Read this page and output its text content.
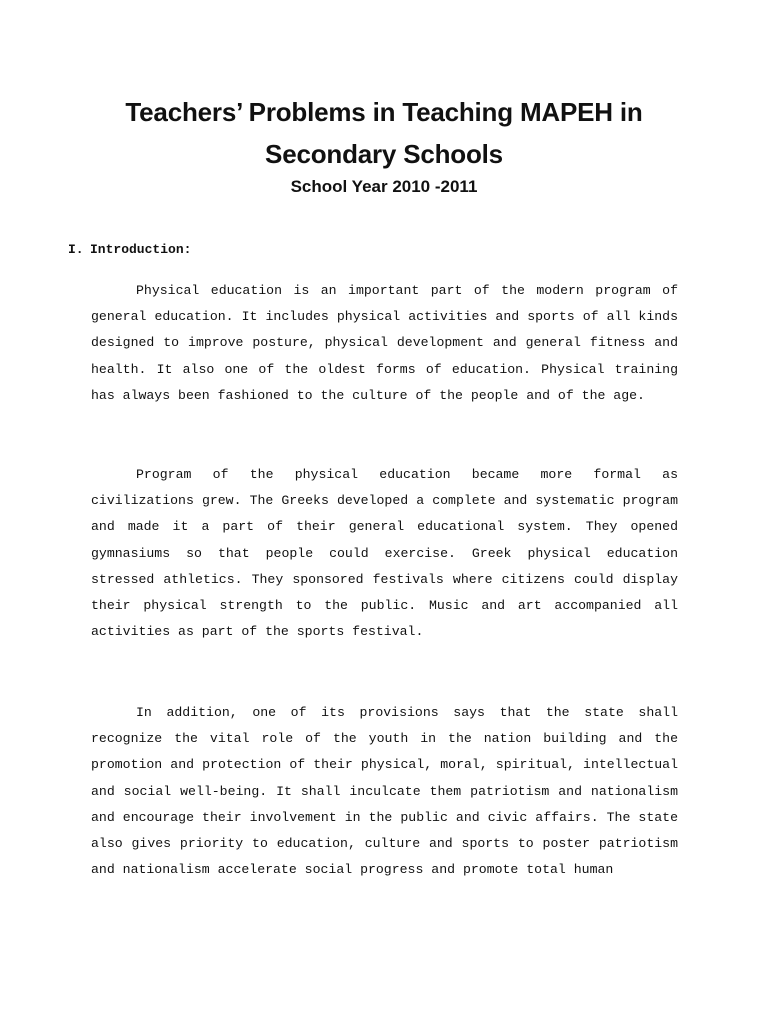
Teachers’ Problems in Teaching MAPEH in
Secondary Schools
School Year 2010 -2011
I. Introduction:

Physical education is an important part of the modern program of general education. It includes physical activities and sports of all kinds designed to improve posture, physical development and general fitness and health. It also one of the oldest forms of education. Physical training has always been fashioned to the culture of the people and of the age.

Program of the physical education became more formal as civilizations grew. The Greeks developed a complete and systematic program and made it a part of their general educational system. They opened gymnasiums so that people could exercise. Greek physical education stressed athletics. They sponsored festivals where citizens could display their physical strength to the public. Music and art accompanied all activities as part of the sports festival.

In addition, one of its provisions says that the state shall recognize the vital role of the youth in the nation building and the promotion and protection of their physical, moral, spiritual, intellectual and social well-being. It shall inculcate them patriotism and nationalism and encourage their involvement in the public and civic affairs. The state also gives priority to education, culture and sports to poster patriotism and nationalism accelerate social progress and promote total human
